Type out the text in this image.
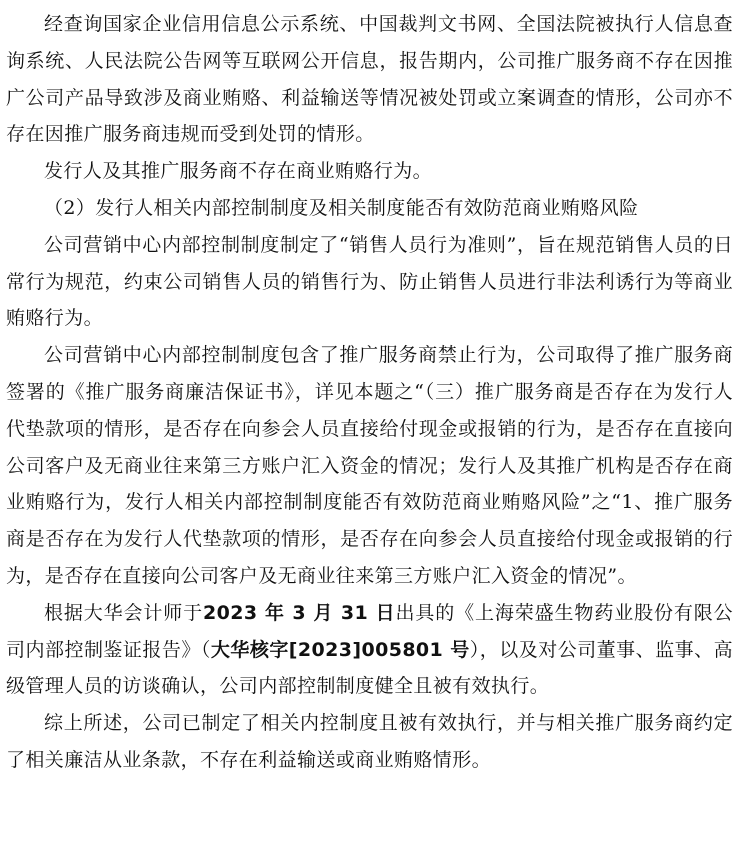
经查询国家企业信用信息公示系统、中国裁判文书网、全国法院被执行人信息查询系统、人民法院公告网等互联网公开信息，报告期内，公司推广服务商不存在因推广公司产品导致涉及商业贿赂、利益输送等情况被处罚或立案调查的情形，公司亦不存在因推广服务商违规而受到处罚的情形。

发行人及其推广服务商不存在商业贿赂行为。

（2）发行人相关内部控制制度及相关制度能否有效防范商业贿赂风险

公司营销中心内部控制制度制定了“销售人员行为准则”，旨在规范销售人员的日常行为规范，约束公司销售人员的销售行为、防止销售人员进行非法利诱行为等商业贿赂行为。

公司营销中心内部控制制度包含了推广服务商禁止行为，公司取得了推广服务商签署的《推广服务商廉洁保证书》，详见本题之“（三）推广服务商是否存在为发行人代垫款项的情形，是否存在向参会人员直接给付现金或报销的行为，是否存在直接向公司客户及无商业往来第三方账户汇入资金的情况；发行人及其推广机构是否存在商业贿赂行为，发行人相关内部控制制度能否有效防范商业贿赂风险”之“1、推广服务商是否存在为发行人代垫款项的情形，是否存在向参会人员直接给付现金或报销的行为，是否存在直接向公司客户及无商业往来第三方账户汇入资金的情况”。

根据大华会计师于2023 年 3 月 31 日出具的《上海荣盛生物药业股份有限公司内部控制鉴证报告》（大华核字[2023]005801 号），以及对公司董事、监事、高级管理人员的访谈确认，公司内部控制制度健全且被有效执行。

综上所述，公司已制定了相关内控制度且被有效执行，并与相关推广服务商约定了相关廉洁从业条款，不存在利益输送或商业贿赂情形。
